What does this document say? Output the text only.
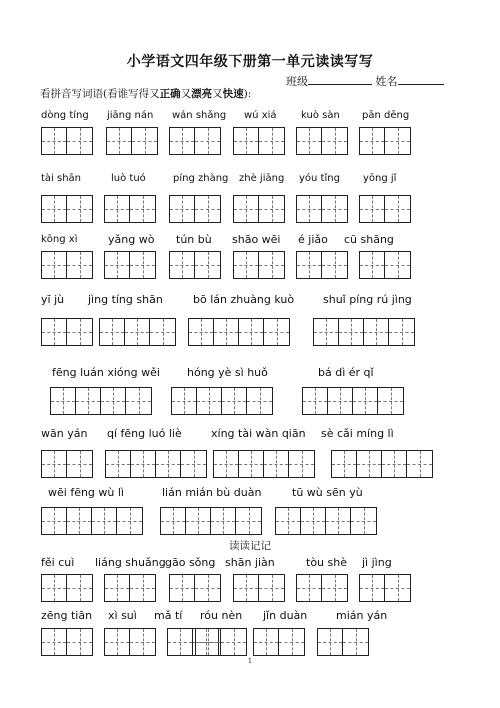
小学语文四年级下册第一单元读读写写
班级	姓名
看拼音写词语(看谁写得又正确又漂亮又快速):
dòng tíng jiāng nán wán shǎng wú xiá kuò sàn pān dēng
tài shān	luò tuó	píng zhàng zhè jiāng yóu tǐng yōng jǐ
kōng xì	yǎng wò tún bù shāo wēi é jiǎo cū shāng
yī jù jìng tíng shān	bō lán zhuàng kuò	shuǐ píng rú jìng
fēng luán xióng wěi hóng yè sì huǒ	bá dì ér qǐ
wān yán qí fēng luó liè	xíng tài wàn qiān sè cǎi míng lì
wēi fēng wù lì	lián mián bù duàn	tū wù sēn yù
读读记记
fěi cuì liáng shuǎng gāo sǒng shān jiàn	tòu shè jì jìng
zēng tiān xì suì mǎ tí róu nèn jǐn duàn	mián yán
1
